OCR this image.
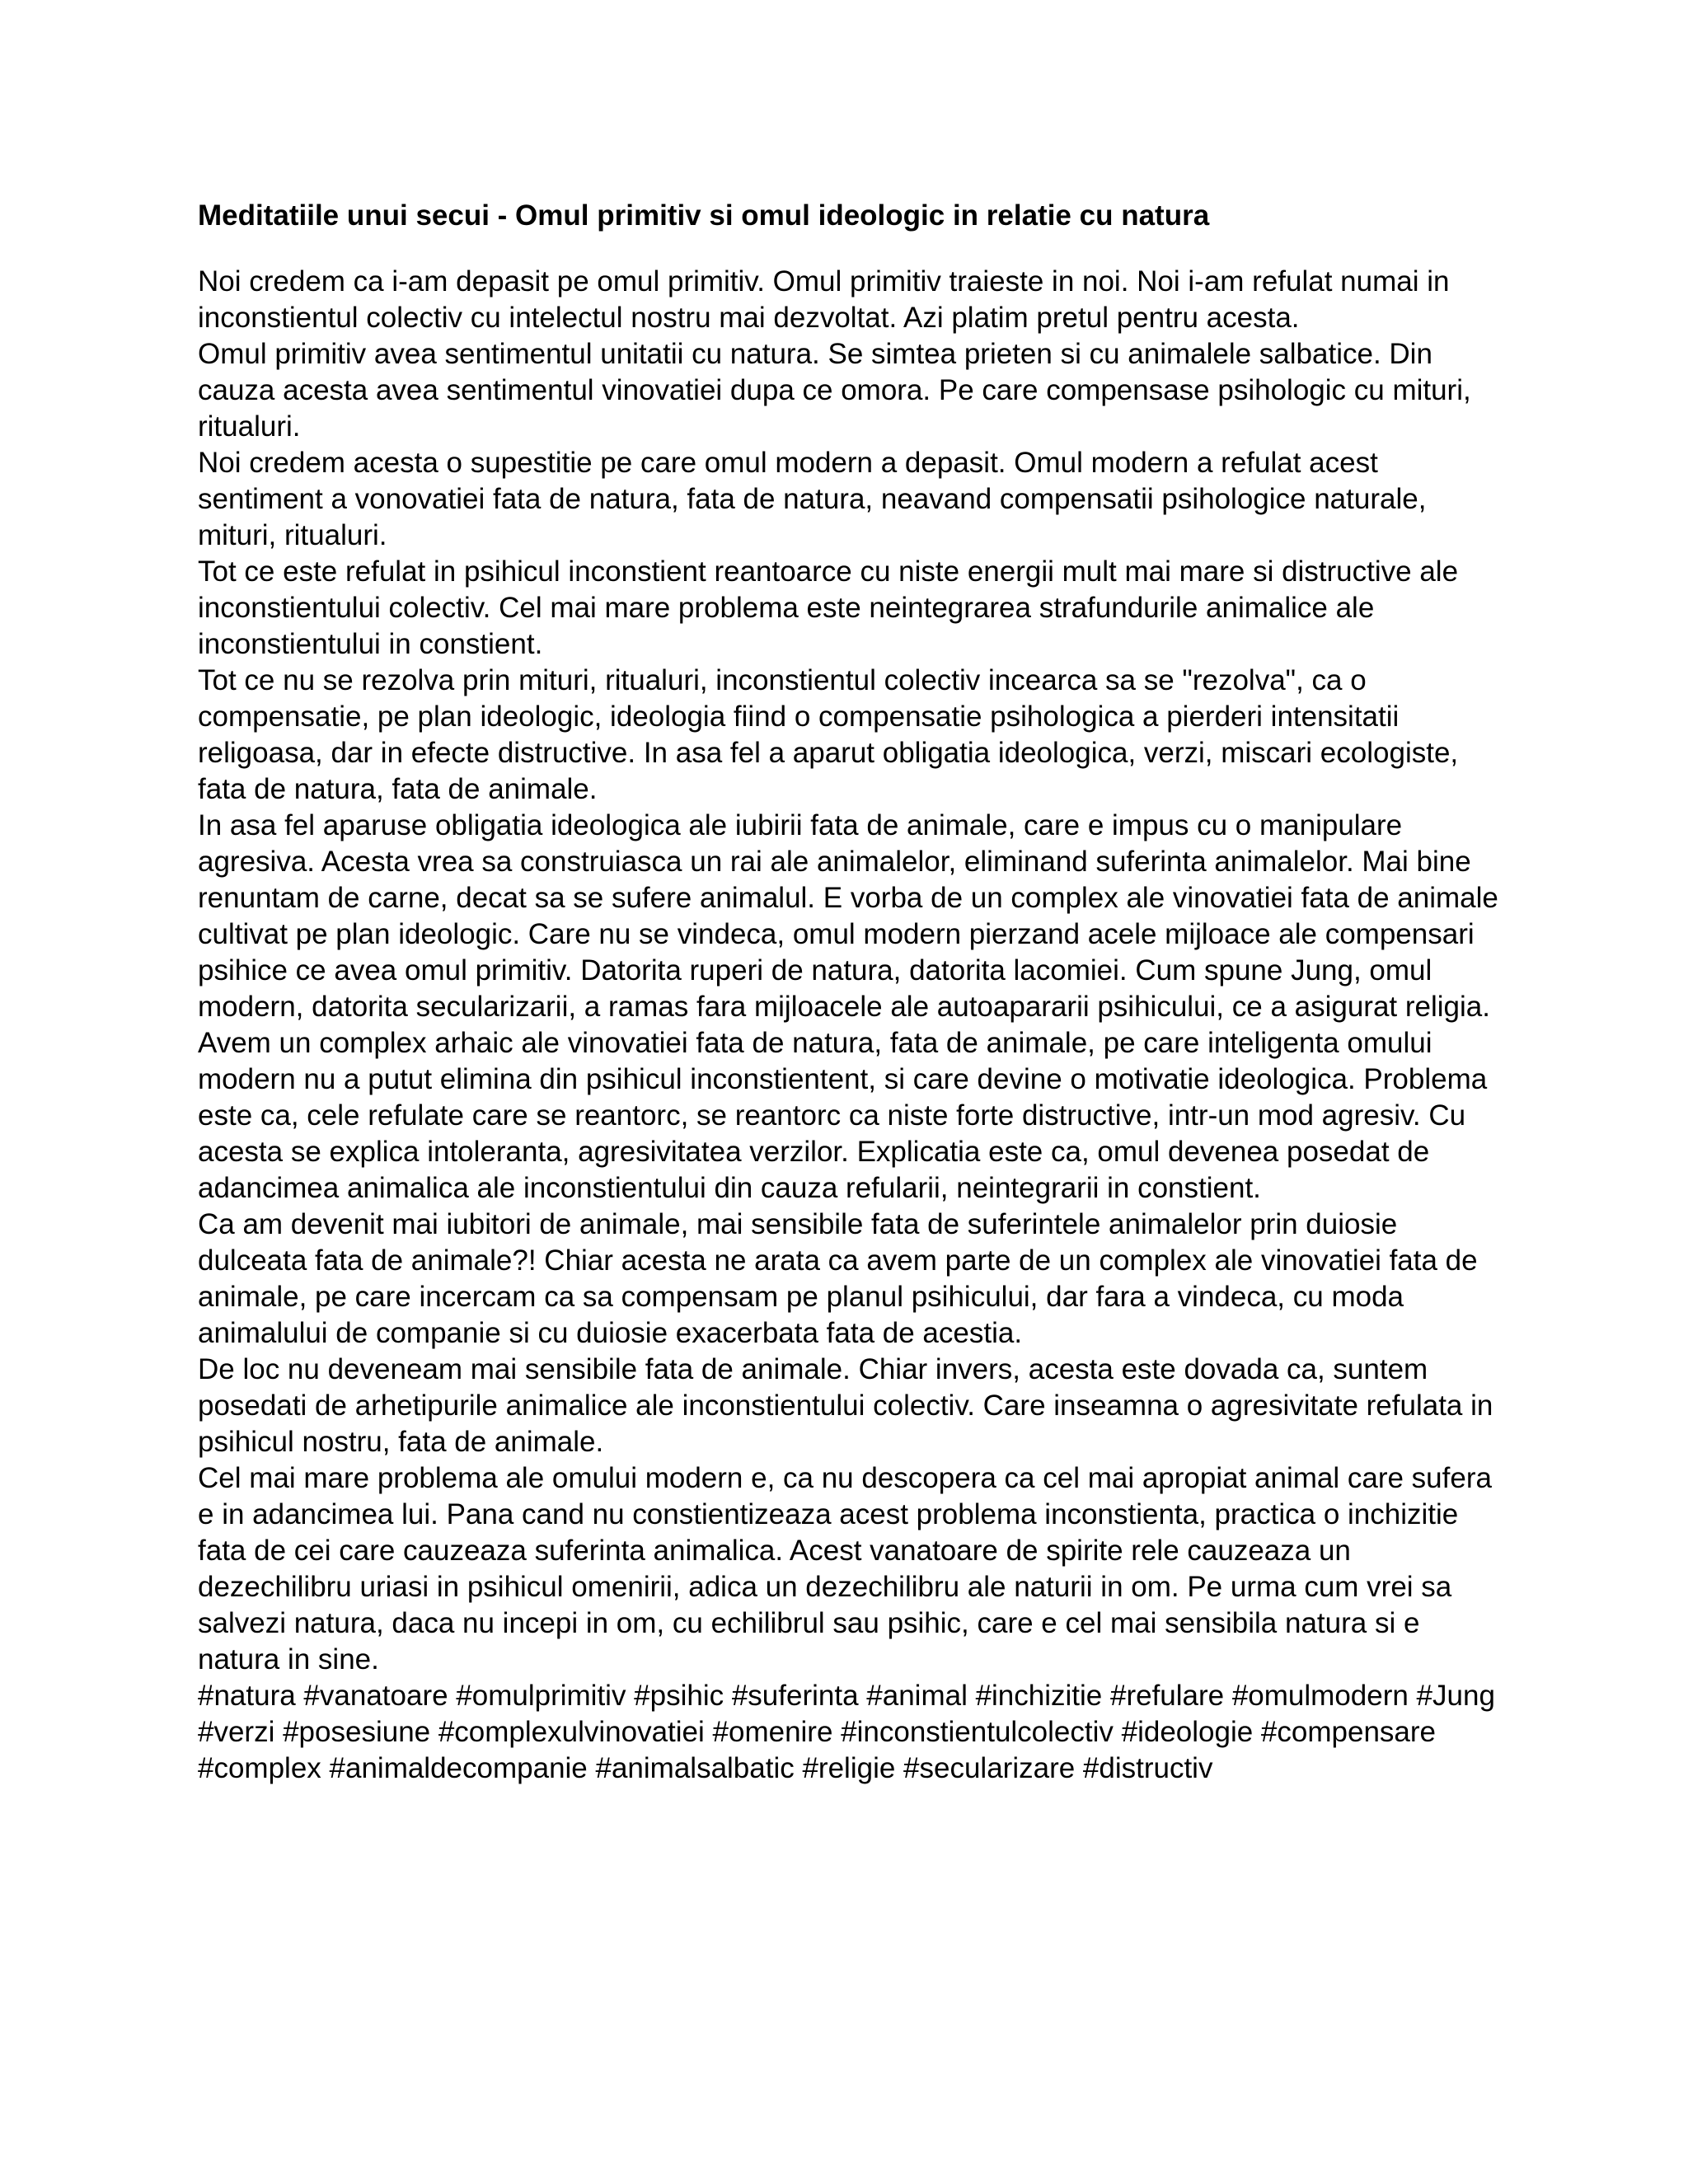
Meditatiile unui secui - Omul primitiv si omul ideologic in relatie cu natura

Noi credem ca i-am depasit pe omul primitiv. Omul primitiv traieste in noi. Noi i-am refulat numai in inconstientul colectiv cu intelectul nostru mai dezvoltat. Azi platim pretul pentru acesta.

Omul primitiv avea sentimentul unitatii cu natura. Se simtea prieten si cu animalele salbatice. Din cauza acesta avea sentimentul vinovatiei dupa ce omora. Pe care compensase psihologic cu mituri, ritualuri.

Noi credem acesta o supestitie pe care omul modern a depasit. Omul modern a refulat acest sentiment a vonovatiei fata de natura, fata de natura, neavand compensatii psihologice naturale, mituri, ritualuri.

Tot ce este refulat in psihicul inconstient reantoarce cu niste energii mult mai mare si distructive ale inconstientului colectiv. Cel mai mare problema este neintegrarea strafundurile animalice ale inconstientului in constient.

Tot ce nu se rezolva prin mituri, ritualuri, inconstientul colectiv incearca sa se "rezolva", ca o compensatie, pe plan ideologic, ideologia fiind o compensatie psihologica a pierderi intensitatii religoasa, dar in efecte distructive. In asa fel a aparut obligatia ideologica, verzi, miscari ecologiste, fata de natura, fata de animale.

In asa fel aparuse obligatia ideologica ale iubirii fata de animale, care e impus cu o manipulare agresiva. Acesta vrea sa construiasca un rai ale animalelor, eliminand suferinta animalelor. Mai bine renuntam de carne, decat sa se sufere animalul. E vorba de un complex ale vinovatiei fata de animale cultivat pe plan ideologic. Care nu se vindeca, omul modern pierzand acele mijloace ale compensari psihice ce avea omul primitiv. Datorita ruperi de natura, datorita lacomiei. Cum spune Jung, omul modern, datorita secularizarii, a ramas fara mijloacele ale autoapararii psihicului, ce a asigurat religia.

Avem un complex arhaic ale vinovatiei fata de natura, fata de animale, pe care inteligenta omului modern nu a putut elimina din psihicul inconstientent, si care devine o motivatie ideologica. Problema este ca, cele refulate care se reantorc, se reantorc ca niste forte distructive, intr-un mod agresiv. Cu acesta se explica intoleranta, agresivitatea verzilor. Explicatia este ca, omul devenea posedat de adancimea animalica ale inconstientului din cauza refularii, neintegrarii in constient.

Ca am devenit mai iubitori de animale, mai sensibile fata de suferintele animalelor prin duiosie dulceata fata de animale?! Chiar acesta ne arata ca avem parte de un complex ale vinovatiei fata de animale, pe care incercam ca sa compensam pe planul psihicului, dar fara a vindeca, cu moda animalului de companie si cu duiosie exacerbata fata de acestia.

De loc nu deveneam mai sensibile fata de animale. Chiar invers, acesta este dovada ca, suntem posedati de arhetipurile animalice ale inconstientului colectiv. Care inseamna o agresivitate refulata in psihicul nostru, fata de animale.

Cel mai mare problema ale omului modern e, ca nu descopera ca cel mai apropiat animal care sufera e in adancimea lui. Pana cand nu constientizeaza acest problema inconstienta, practica o inchizitie fata de cei care cauzeaza suferinta animalica. Acest vanatoare de spirite rele cauzeaza un dezechilibru uriasi in psihicul omenirii, adica un dezechilibru ale naturii in om. Pe urma cum vrei sa salvezi natura, daca nu incepi in om, cu echilibrul sau psihic, care e cel mai sensibila natura si e natura in sine.

#natura #vanatoare #omulprimitiv #psihic #suferinta #animal #inchizitie #refulare #omulmodern #Jung #verzi #posesiune #complexulvinovatiei #omenire #inconstientulcolectiv #ideologie #compensare #complex #animaldecompanie #animalsalbatic #religie #secularizare #distructiv
